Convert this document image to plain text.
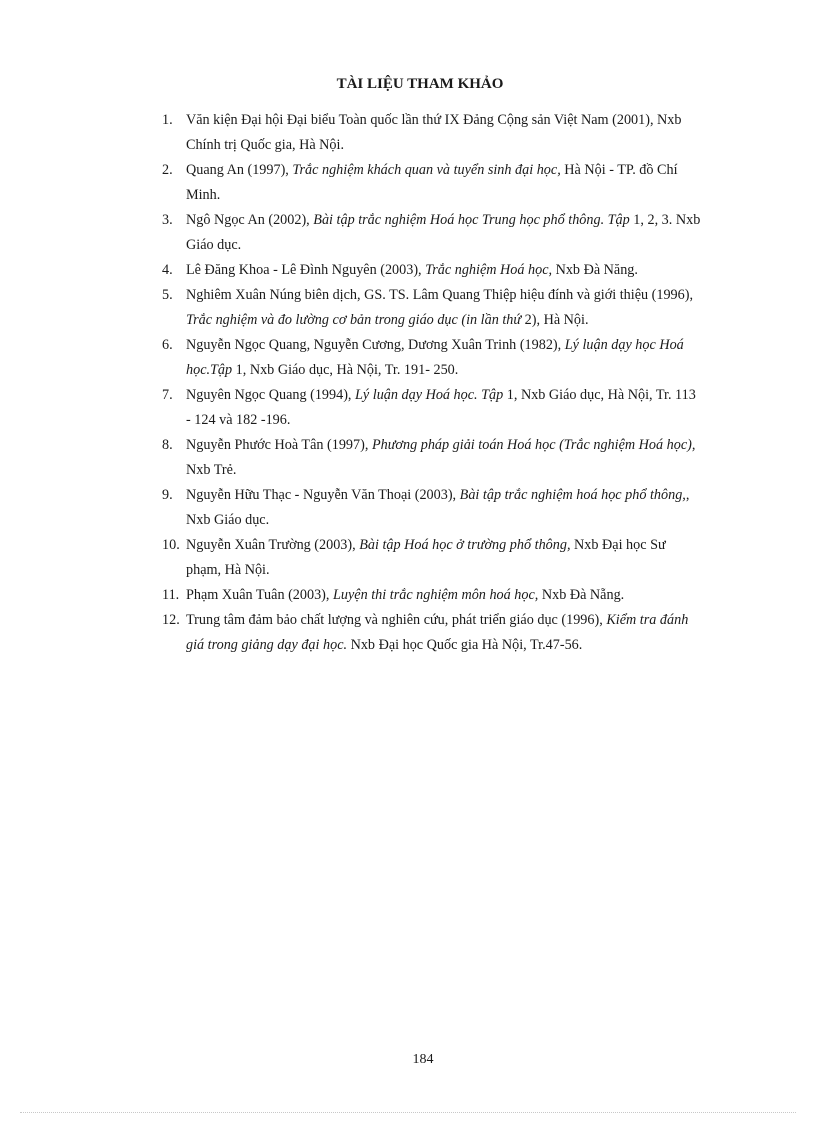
TÀI LIỆU THAM KHẢO
1. Văn kiện Đại hội Đại biểu Toàn quốc lần thứ IX Đảng Cộng sản Việt Nam (2001), Nxb Chính trị Quốc gia, Hà Nội.
2. Quang An (1997), Trắc nghiệm khách quan và tuyển sinh đại học, Hà Nội - TP. đồ Chí Minh.
3. Ngô Ngọc An (2002), Bài tập trắc nghiệm Hoá học Trung học phổ thông. Tập 1, 2, 3. Nxb Giáo dục.
4. Lê Đăng Khoa - Lê Đình Nguyên (2003), Trắc nghiệm Hoá học, Nxb Đà Năng.
5. Nghiêm Xuân Núng biên dịch, GS. TS. Lâm Quang Thiệp hiệu đính và giới thiệu (1996), Trắc nghiệm và đo lường cơ bản trong giáo dục (in lần thứ 2), Hà Nội.
6. Nguyễn Ngọc Quang, Nguyễn Cương, Dương Xuân Trinh (1982), Lý luận dạy học Hoá học.Tập 1, Nxb Giáo dục, Hà Nội, Tr. 191- 250.
7. Nguyên Ngọc Quang (1994), Lý luận dạy Hoá học. Tập 1, Nxb Giáo dục, Hà Nội, Tr. 113 - 124 và 182 -196.
8. Nguyễn Phước Hoà Tân (1997), Phương pháp giải toán Hoá học (Trắc nghiệm Hoá học), Nxb Trẻ.
9. Nguyễn Hữu Thạc - Nguyễn Văn Thoại (2003), Bài tập trắc nghiệm hoá học phổ thông,, Nxb Giáo dục.
10. Nguyễn Xuân Trường (2003), Bài tập Hoá học ở trường phổ thông, Nxb Đại học Sư phạm, Hà Nội.
11. Phạm Xuân Tuân (2003), Luyện thi trắc nghiệm môn hoá học, Nxb Đà Nẵng.
12. Trung tâm đảm bảo chất lượng và nghiên cứu, phát triển giáo dục (1996), Kiểm tra đánh giá trong giảng dạy đại học. Nxb Đại học Quốc gia Hà Nội, Tr.47-56.
184
